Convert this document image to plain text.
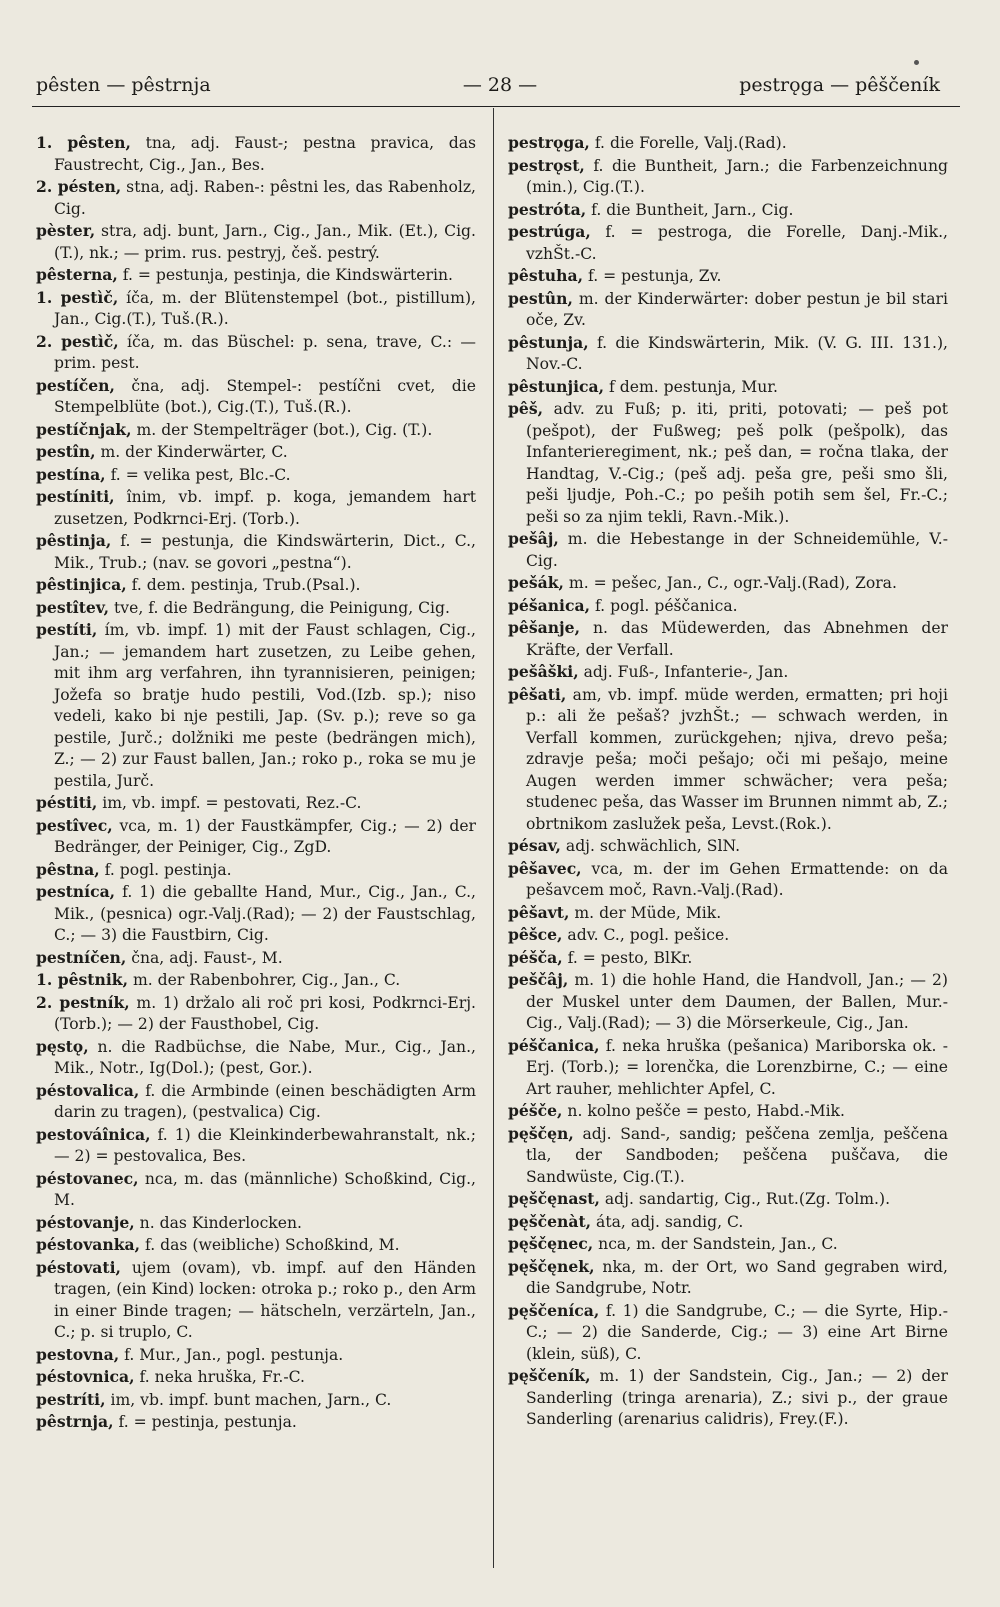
pêsten — pêstrnja	— 28 —	pestrǫga — pêščeník

1. pêsten, tna, adj. Faust-; pestna pravica, das Faustrecht, Cig., Jan., Bes.

2. pésten, stna, adj. Raben-: pêstni les, das Rabenholz, Cig.

pèster, stra, adj. bunt, Jarn., Cig., Jan., Mik. (Et.), Cig. (T.), nk.; — prim. rus. pestryj, češ. pestrý.

pêsterna, f. = pestunja, pestinja, die Kindswärterin.

1. pestìč, íča, m. der Blütenstempel (bot., pistillum), Jan., Cig.(T.), Tuš.(R.).

2. pestìč, íča, m. das Büschel: p. sena, trave, C.: — prim. pest.

pestíčen, čna, adj. Stempel-: pestíčni cvet, die Stempelblüte (bot.), Cig.(T.), Tuš.(R.).

pestíčnjak, m. der Stempelträger (bot.), Cig. (T.).

pestîn, m. der Kinderwärter, C.

pestína, f. = velika pest, Blc.-C.

pestíniti, înim, vb. impf. p. koga, jemandem hart zusetzen, Podkrnci-Erj. (Torb.).

pêstinja, f. = pestunja, die Kindswärterin, Dict., C., Mik., Trub.; (nav. se govori „pestna“).

pêstinjica, f. dem. pestinja, Trub.(Psal.).

pestîtev, tve, f. die Bedrängung, die Peinigung, Cig.

pestíti, ím, vb. impf. 1) mit der Faust schlagen, Cig., Jan.; — jemandem hart zusetzen, zu Leibe gehen, mit ihm arg verfahren, ihn tyrannisieren, peinigen; Jožefa so bratje hudo pestili, Vod.(Izb. sp.); niso vedeli, kako bi nje pestili, Jap. (Sv. p.); reve so ga pestile, Jurč.; dolžniki me peste (bedrängen mich), Z.; — 2) zur Faust ballen, Jan.; roko p., roka se mu je pestila, Jurč.

péstiti, im, vb. impf. = pestovati, Rez.-C.

pestîvec, vca, m. 1) der Faustkämpfer, Cig.; — 2) der Bedränger, der Peiniger, Cig., ZgD.

pêstna, f. pogl. pestinja.

pestníca, f. 1) die geballte Hand, Mur., Cig., Jan., C., Mik., (pesnica) ogr.-Valj.(Rad); — 2) der Faustschlag, C.; — 3) die Faustbirn, Cig.

pestníčen, čna, adj. Faust-, M.

1. pêstnik, m. der Rabenbohrer, Cig., Jan., C.

2. pestník, m. 1) držalo ali roč pri kosi, Podkrnci-Erj.(Torb.); — 2) der Fausthobel, Cig.

pęstǫ, n. die Radbüchse, die Nabe, Mur., Cig., Jan., Mik., Notr., Ig(Dol.); (pest, Gor.).

péstovalica, f. die Armbinde (einen beschädigten Arm darin zu tragen), (pestvalica) Cig.

pestováînica, f. 1) die Kleinkinderbewahranstalt, nk.; — 2) = pestovalica, Bes.

péstovanec, nca, m. das (männliche) Schoßkind, Cig., M.

péstovanje, n. das Kinderlocken.

péstovanka, f. das (weibliche) Schoßkind, M.

péstovati, ujem (ovam), vb. impf. auf den Händen tragen, (ein Kind) locken: otroka p.; roko p., den Arm in einer Binde tragen; — hätscheln, verzärteln, Jan., C.; p. si truplo, C.

pestovna, f. Mur., Jan., pogl. pestunja.

péstovnica, f. neka hruška, Fr.-C.

pestríti, im, vb. impf. bunt machen, Jarn., C.

pêstrnja, f. = pestinja, pestunja.

pestrǫga, f. die Forelle, Valj.(Rad).

pestrǫst, f. die Buntheit, Jarn.; die Farbenzeichnung (min.), Cig.(T.).

pestróta, f. die Buntheit, Jarn., Cig.

pestrúga, f. = pestroga, die Forelle, Danj.-Mik., vzhŠt.-C.

pêstuha, f. = pestunja, Zv.

pestûn, m. der Kinderwärter: dober pestun je bil stari oče, Zv.

pêstunja, f. die Kindswärterin, Mik. (V. G. III. 131.), Nov.-C.

pêstunjica, f dem. pestunja, Mur.

pêš, adv. zu Fuß; p. iti, priti, potovati; — peš pot (pešpot), der Fußweg; peš polk (pešpolk), das Infanterieregiment, nk.; peš dan, = ročna tlaka, der Handtag, V.-Cig.; (peš adj. peša gre, peši smo šli, peši ljudje, Poh.-C.; po peših potih sem šel, Fr.-C.; peši so za njim tekli, Ravn.-Mik.).

pešâj, m. die Hebestange in der Schneidemühle, V.-Cig.

pešák, m. = pešec, Jan., C., ogr.-Valj.(Rad), Zora.

péšanica, f. pogl. péščanica.

pêšanje, n. das Müdewerden, das Abnehmen der Kräfte, der Verfall.

pešâški, adj. Fuß-, Infanterie-, Jan.

pêšati, am, vb. impf. müde werden, ermatten; pri hoji p.: ali že pešaš? jvzhŠt.; — schwach werden, in Verfall kommen, zurückgehen; njiva, drevo peša; zdravje peša; moči pešajo; oči mi pešajo, meine Augen werden immer schwächer; vera peša; studenec peša, das Wasser im Brunnen nimmt ab, Z.; obrtnikom zaslužek peša, Levst.(Rok.).

pésav, adj. schwächlich, SlN.

pêšavec, vca, m. der im Gehen Ermattende: on da pešavcem moč, Ravn.-Valj.(Rad).

pêšavt, m. der Müde, Mik.

pêšce, adv. C., pogl. pešice.

péšča, f. = pesto, BlKr.

peščâj, m. 1) die hohle Hand, die Handvoll, Jan.; — 2) der Muskel unter dem Daumen, der Ballen, Mur.-Cig., Valj.(Rad); — 3) die Mörserkeule, Cig., Jan.

péščanica, f. neka hruška (pešanica) Mariborska ok. - Erj. (Torb.); = lorenčka, die Lorenzbirne, C.; — eine Art rauher, mehlichter Apfel, C.

péšče, n. kolno pešče = pesto, Habd.-Mik.

pęščęn, adj. Sand-, sandig; peščena zemlja, peščena tla, der Sandboden; peščena puščava, die Sandwüste, Cig.(T.).

pęščęnast, adj. sandartig, Cig., Rut.(Zg. Tolm.).

pęščenàt, áta, adj. sandig, C.

pęščęnec, nca, m. der Sandstein, Jan., C.

pęščęnek, nka, m. der Ort, wo Sand gegraben wird, die Sandgrube, Notr.

pęščeníca, f. 1) die Sandgrube, C.; — die Syrte, Hip.-C.; — 2) die Sanderde, Cig.; — 3) eine Art Birne (klein, süß), C.

pęščeník, m. 1) der Sandstein, Cig., Jan.; — 2) der Sanderling (tringa arenaria), Z.; sivi p., der graue Sanderling (arenarius calidris), Frey.(F.).
